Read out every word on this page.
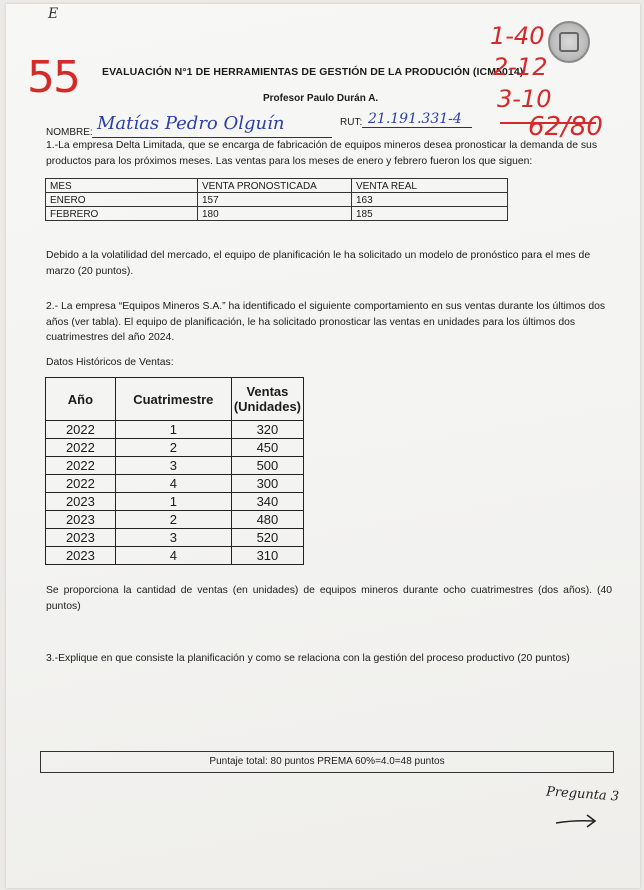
E
55 EVALUACIÓN N°1 DE HERRAMIENTAS DE GESTIÓN DE LA PRODUCIÓN (ICM5014)
Profesor Paulo Durán A.
1-40
2-12
3-10
62/80
NOMBRE: Matías Pedro Olguín	RUT: 21.191.331-4
1.-La empresa Delta Limitada, que se encarga de fabricación de equipos mineros desea pronosticar la demanda de sus productos para los próximos meses. Las ventas para los meses de enero y febrero fueron los que siguen:
MES	VENTA PRONOSTICADA	VENTA REAL
ENERO	157	163
FEBRERO	180	185
Debido a la volatilidad del mercado, el equipo de planificación le ha solicitado un modelo de pronóstico para el mes de marzo (20 puntos).
2.- La empresa “Equipos Mineros S.A.” ha identificado el siguiente comportamiento en sus ventas durante los últimos dos años (ver tabla). El equipo de planificación, le ha solicitado pronosticar las ventas en unidades para los últimos dos cuatrimestres del año 2024.
Datos Históricos de Ventas:
Año	Cuatrimestre	Ventas (Unidades)
2022	1	320
2022	2	450
2022	3	500
2022	4	300
2023	1	340
2023	2	480
2023	3	520
2023	4	310
Se proporciona la cantidad de ventas (en unidades) de equipos mineros durante ocho cuatrimestres (dos años). (40 puntos)
3.-Explique en que consiste la planificación y como se relaciona con la gestión del proceso productivo (20 puntos)
Puntaje total: 80 puntos PREMA 60%=4.0=48 puntos
Pregunta 3
